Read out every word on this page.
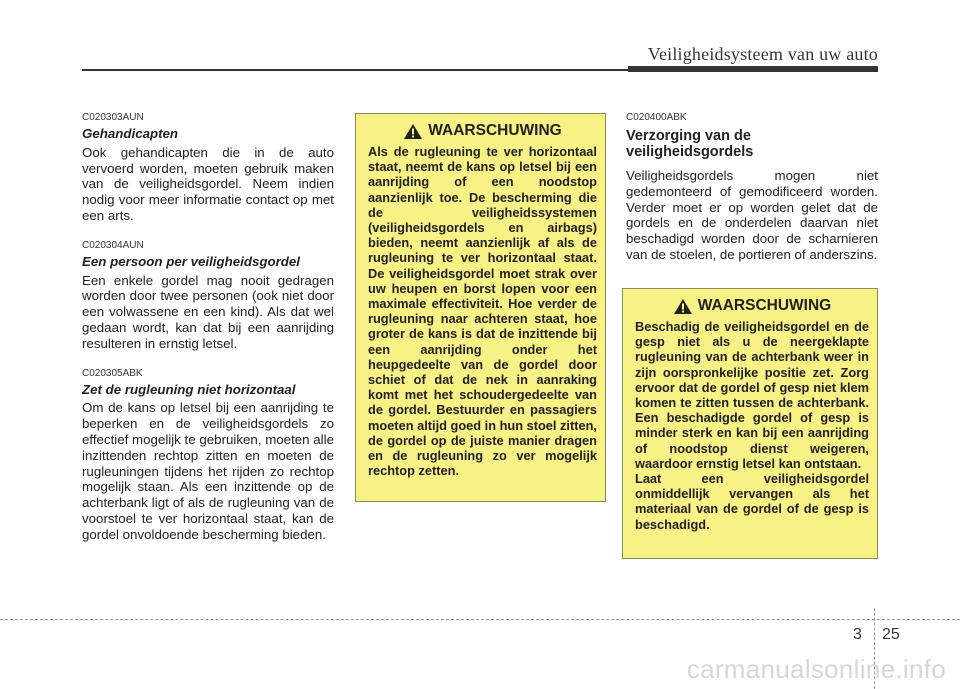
Veiligheidsysteem van uw auto

C020303AUN

Gehandicapten

Ook gehandicapten die in de auto vervoerd worden, moeten gebruik maken van de veiligheidsgordel. Neem indien nodig voor meer informatie contact op met een arts.

C020304AUN

Een persoon per veiligheidsgordel

Een enkele gordel mag nooit gedragen worden door twee personen (ook niet door een volwassene en een kind). Als dat wel gedaan wordt, kan dat bij een aanrijding resulteren in ernstig letsel.

C020305ABK

Zet de rugleuning niet horizontaal

Om de kans op letsel bij een aanrijding te beperken en de veiligheidsgordels zo effectief mogelijk te gebruiken, moeten alle inzittenden rechtop zitten en moeten de rugleuningen tijdens het rijden zo rechtop mogelijk staan. Als een inzittende op de achterbank ligt of als de rugleuning van de voorstoel te ver horizontaal staat, kan de gordel onvoldoende bescherming bieden.

WAARSCHUWING

Als de rugleuning te ver horizontaal staat, neemt de kans op letsel bij een aanrijding of een noodstop aanzienlijk toe. De bescherming die de veiligheidssystemen (veiligheidsgordels en airbags) bieden, neemt aanzienlijk af als de rugleuning te ver horizontaal staat. De veiligheidsgordel moet strak over uw heupen en borst lopen voor een maximale effectiviteit. Hoe verder de rugleuning naar achteren staat, hoe groter de kans is dat de inzittende bij een aanrijding onder het heupgedeelte van de gordel door schiet of dat de nek in aanraking komt met het schoudergedeelte van de gordel. Bestuurder en passagiers moeten altijd goed in hun stoel zitten, de gordel op de juiste manier dragen en de rugleuning zo ver mogelijk rechtop zetten.

C020400ABK

Verzorging van de veiligheidsgordels

Veiligheidsgordels mogen niet gedemonteerd of gemodificeerd worden. Verder moet er op worden gelet dat de gordels en de onderdelen daarvan niet beschadigd worden door de scharnieren van de stoelen, de portieren of anderszins.

WAARSCHUWING

Beschadig de veiligheidsgordel en de gesp niet als u de neergeklapte rugleuning van de achterbank weer in zijn oorspronkelijke positie zet. Zorg ervoor dat de gordel of gesp niet klem komen te zitten tussen de achterbank. Een beschadigde gordel of gesp is minder sterk en kan bij een aanrijding of noodstop dienst weigeren, waardoor ernstig letsel kan ontstaan.

Laat een veiligheidsgordel onmiddellijk vervangen als het materiaal van de gordel of de gesp is beschadigd.

3 25
carmanualsonline.info
